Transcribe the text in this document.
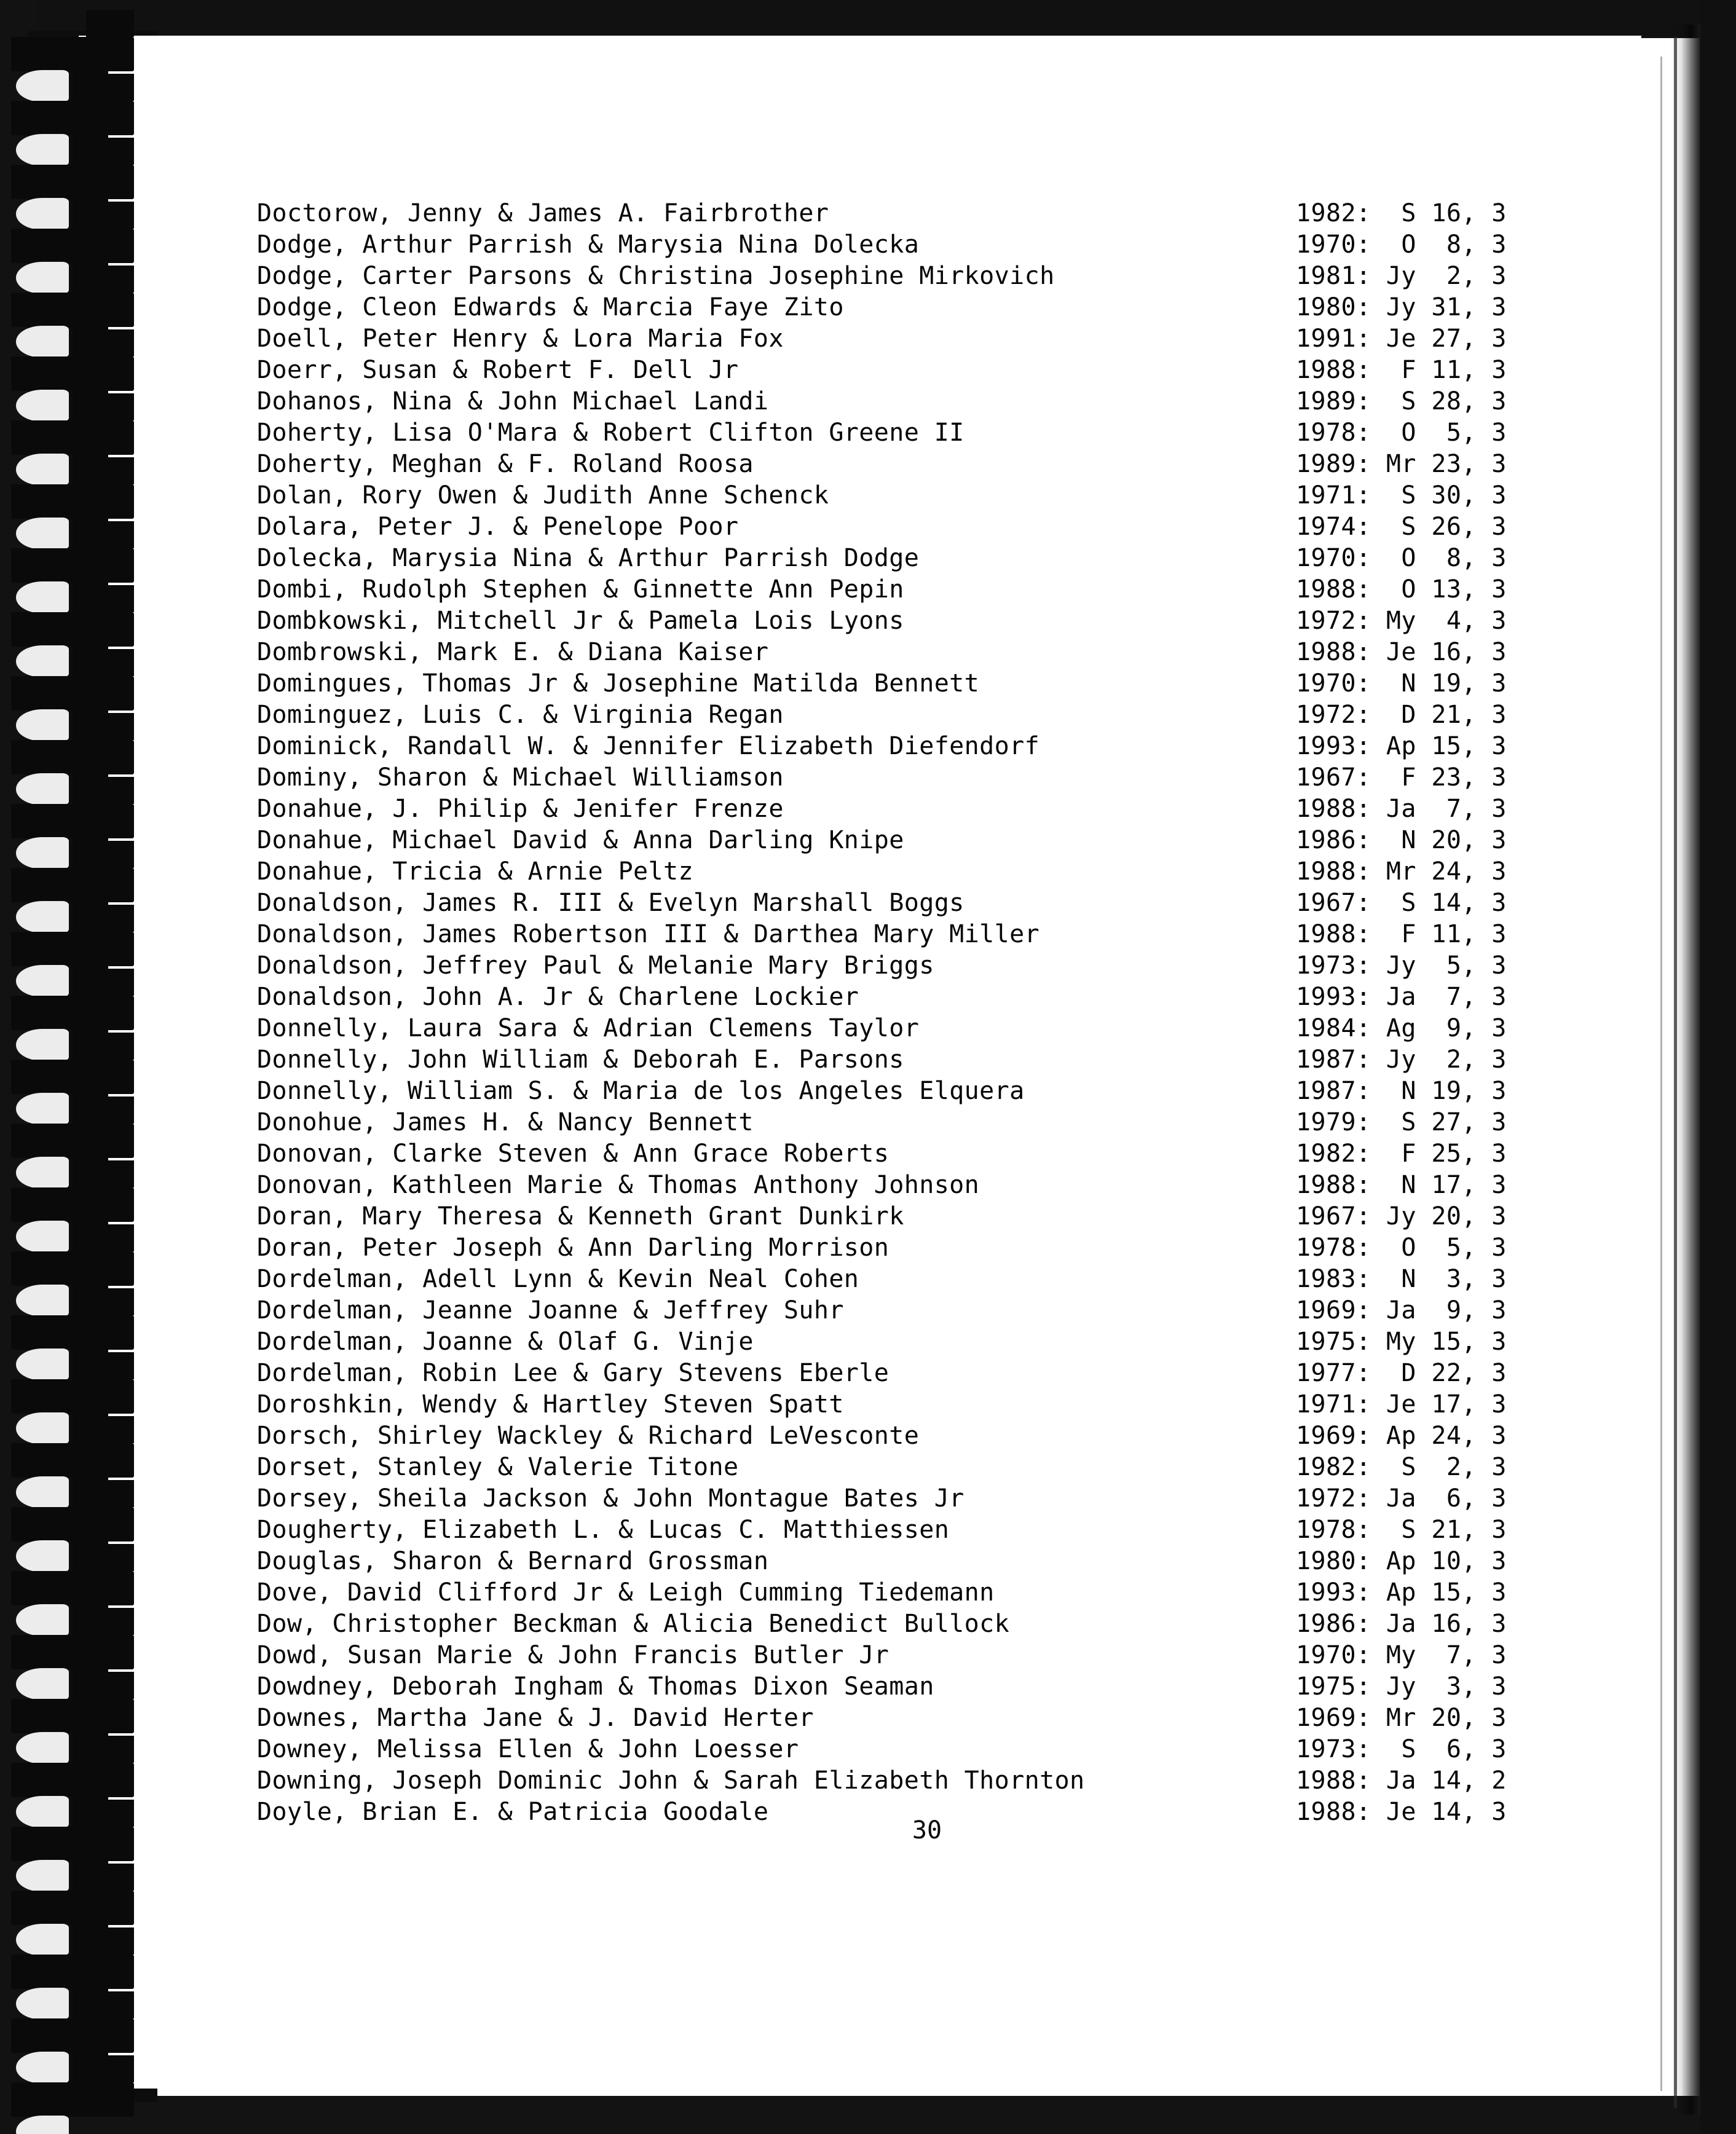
Doctorow, Jenny & James A. Fairbrother	1982:  S 16, 3
Dodge, Arthur Parrish & Marysia Nina Dolecka	1970:  O  8, 3
Dodge, Carter Parsons & Christina Josephine Mirkovich	1981: Jy  2, 3
Dodge, Cleon Edwards & Marcia Faye Zito	1980: Jy 31, 3
Doell, Peter Henry & Lora Maria Fox	1991: Je 27, 3
Doerr, Susan & Robert F. Dell Jr	1988:  F 11, 3
Dohanos, Nina & John Michael Landi	1989:  S 28, 3
Doherty, Lisa O'Mara & Robert Clifton Greene II	1978:  O  5, 3
Doherty, Meghan & F. Roland Roosa	1989: Mr 23, 3
Dolan, Rory Owen & Judith Anne Schenck	1971:  S 30, 3
Dolara, Peter J. & Penelope Poor	1974:  S 26, 3
Dolecka, Marysia Nina & Arthur Parrish Dodge	1970:  O  8, 3
Dombi, Rudolph Stephen & Ginnette Ann Pepin	1988:  O 13, 3
Dombkowski, Mitchell Jr & Pamela Lois Lyons	1972: My  4, 3
Dombrowski, Mark E. & Diana Kaiser	1988: Je 16, 3
Domingues, Thomas Jr & Josephine Matilda Bennett	1970:  N 19, 3
Dominguez, Luis C. & Virginia Regan	1972:  D 21, 3
Dominick, Randall W. & Jennifer Elizabeth Diefendorf	1993: Ap 15, 3
Dominy, Sharon & Michael Williamson	1967:  F 23, 3
Donahue, J. Philip & Jenifer Frenze	1988: Ja  7, 3
Donahue, Michael David & Anna Darling Knipe	1986:  N 20, 3
Donahue, Tricia & Arnie Peltz	1988: Mr 24, 3
Donaldson, James R. III & Evelyn Marshall Boggs	1967:  S 14, 3
Donaldson, James Robertson III & Darthea Mary Miller	1988:  F 11, 3
Donaldson, Jeffrey Paul & Melanie Mary Briggs	1973: Jy  5, 3
Donaldson, John A. Jr & Charlene Lockier	1993: Ja  7, 3
Donnelly, Laura Sara & Adrian Clemens Taylor	1984: Ag  9, 3
Donnelly, John William & Deborah E. Parsons	1987: Jy  2, 3
Donnelly, William S. & Maria de los Angeles Elquera	1987:  N 19, 3
Donohue, James H. & Nancy Bennett	1979:  S 27, 3
Donovan, Clarke Steven & Ann Grace Roberts	1982:  F 25, 3
Donovan, Kathleen Marie & Thomas Anthony Johnson	1988:  N 17, 3
Doran, Mary Theresa & Kenneth Grant Dunkirk	1967: Jy 20, 3
Doran, Peter Joseph & Ann Darling Morrison	1978:  O  5, 3
Dordelman, Adell Lynn & Kevin Neal Cohen	1983:  N  3, 3
Dordelman, Jeanne Joanne & Jeffrey Suhr	1969: Ja  9, 3
Dordelman, Joanne & Olaf G. Vinje	1975: My 15, 3
Dordelman, Robin Lee & Gary Stevens Eberle	1977:  D 22, 3
Doroshkin, Wendy & Hartley Steven Spatt	1971: Je 17, 3
Dorsch, Shirley Wackley & Richard LeVesconte	1969: Ap 24, 3
Dorset, Stanley & Valerie Titone	1982:  S  2, 3
Dorsey, Sheila Jackson & John Montague Bates Jr	1972: Ja  6, 3
Dougherty, Elizabeth L. & Lucas C. Matthiessen	1978:  S 21, 3
Douglas, Sharon & Bernard Grossman	1980: Ap 10, 3
Dove, David Clifford Jr & Leigh Cumming Tiedemann	1993: Ap 15, 3
Dow, Christopher Beckman & Alicia Benedict Bullock	1986: Ja 16, 3
Dowd, Susan Marie & John Francis Butler Jr	1970: My  7, 3
Dowdney, Deborah Ingham & Thomas Dixon Seaman	1975: Jy  3, 3
Downes, Martha Jane & J. David Herter	1969: Mr 20, 3
Downey, Melissa Ellen & John Loesser	1973:  S  6, 3
Downing, Joseph Dominic John & Sarah Elizabeth Thornton	1988: Ja 14, 2
Doyle, Brian E. & Patricia Goodale	1988: Je 14, 3
30
